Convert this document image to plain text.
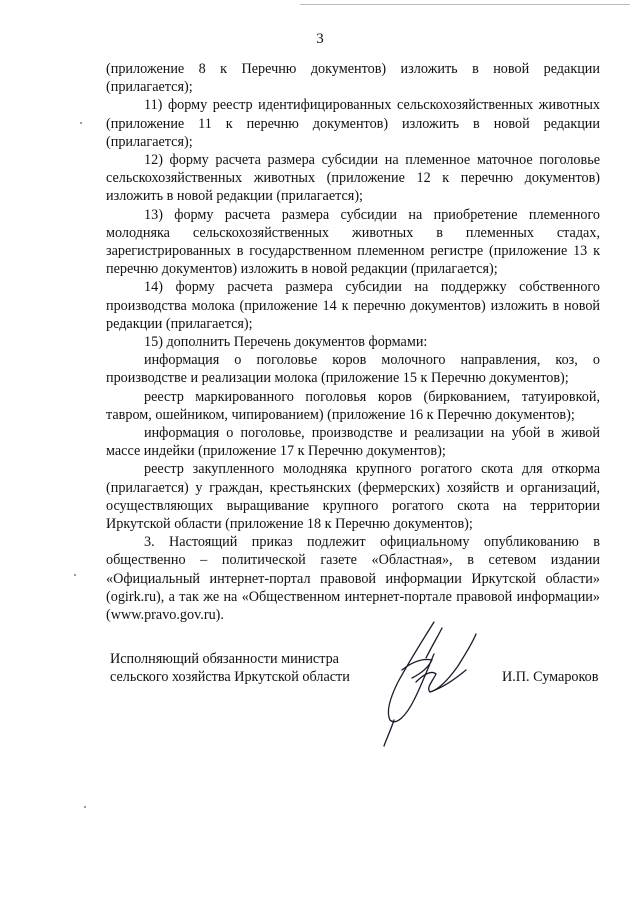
3

(приложение 8 к Перечню документов) изложить в новой редакции (прилагается);

11) форму реестр идентифицированных сельскохозяйственных животных (приложение 11 к перечню документов) изложить в новой редакции (прилагается);

12) форму расчета размера субсидии на племенное маточное поголовье сельскохозяйственных животных (приложение 12 к перечню документов) изложить в новой редакции (прилагается);

13) форму расчета размера субсидии на приобретение племенного молодняка сельскохозяйственных животных в племенных стадах, зарегистрированных в государственном племенном регистре (приложение 13 к перечню документов) изложить в новой редакции (прилагается);

14) форму расчета размера субсидии на поддержку собственного производства молока (приложение 14 к перечню документов) изложить в новой редакции (прилагается);

15) дополнить Перечень документов формами:

информация о поголовье коров молочного направления, коз, о производстве и реализации молока (приложение 15 к Перечню документов);

реестр маркированного поголовья коров (биркованием, татуировкой, тавром, ошейником, чипированием) (приложение 16 к Перечню документов);

информация о поголовье, производстве и реализации на убой в живой массе индейки (приложение 17 к Перечню документов);

реестр закупленного молодняка крупного рогатого скота для откорма (прилагается) у граждан, крестьянских (фермерских) хозяйств и организаций, осуществляющих выращивание крупного рогатого скота на территории Иркутской области (приложение 18 к Перечню документов);

3. Настоящий приказ подлежит официальному опубликованию в общественно – политической газете «Областная», в сетевом издании «Официальный интернет-портал правовой информации Иркутской области» (ogirk.ru), а так же на «Общественном интернет-портале правовой информации» (www.pravo.gov.ru).

Исполняющий обязанности министра
сельского хозяйства Иркутской области	И.П. Сумароков
